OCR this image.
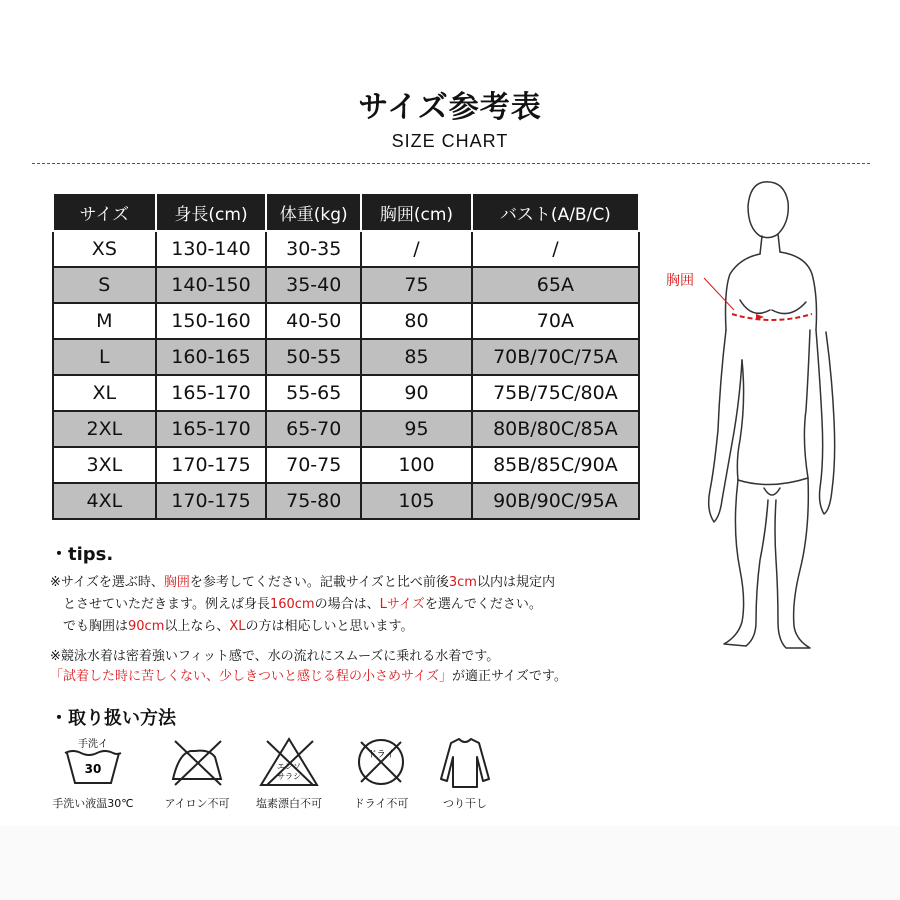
サイズ参考表
SIZE CHART
サイズ	身長(cm)	体重(kg)	胸囲(cm)	バスト(A/B/C)
XS	130-140	30-35	/	/
S	140-150	35-40	75	65A
M	150-160	40-50	80	70A
L	160-165	50-55	85	70B/70C/75A
XL	165-170	55-65	90	75B/75C/80A
2XL	165-170	65-70	95	80B/80C/85A
3XL	170-175	70-75	100	85B/85C/90A
4XL	170-175	75-80	105	90B/90C/95A
・tips.
※サイズを選ぶ時、胸囲を参考してください。記載サイズと比べ前後3cm以内は規定内
とさせていただきます。例えば身長160cmの場合は、Lサイズを選んでください。
でも胸囲は90cm以上なら、XLの方は相応しいと思います。
※競泳水着は密着強いフィット感で、水の流れにスムーズに乗れる水着です。
「試着した時に苦しくない、少しきついと感じる程の小さめサイズ」が適正サイズです。
・取り扱い方法
手洗イ
30
手洗い液温30℃	アイロン不可
エンソ
サラシ
塩素漂白不可
ドライ
ドライ不可	つり干し
胸囲
